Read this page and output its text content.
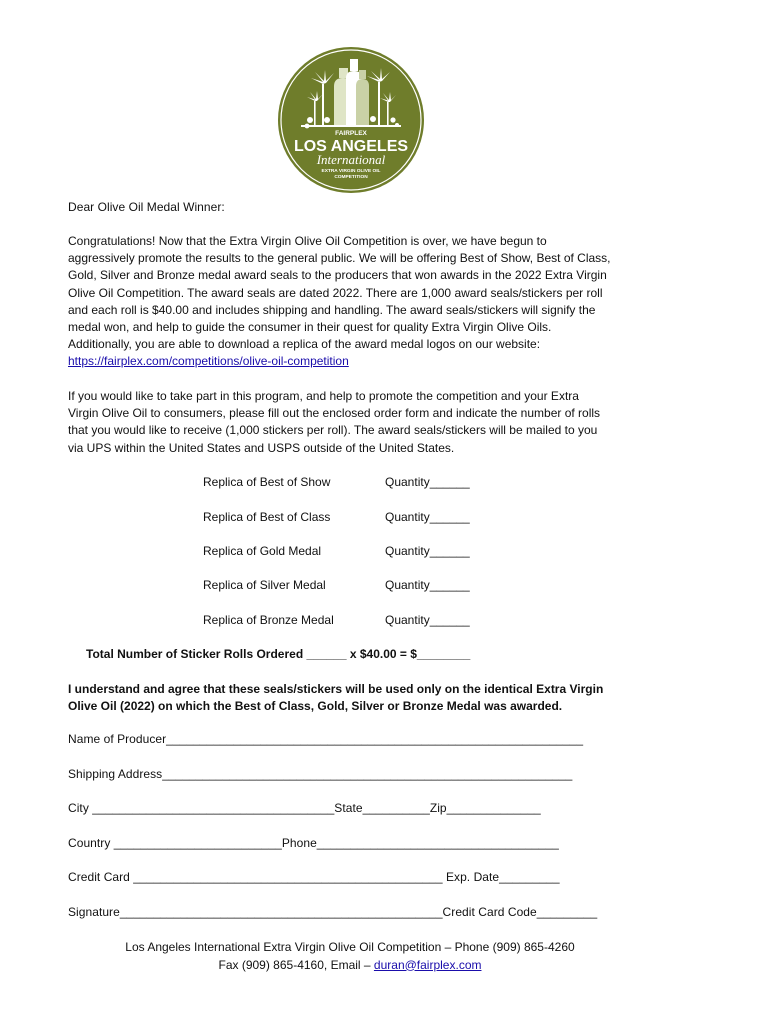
FAIRPLEX
LOS ANGELES
International
EXTRA VIRGIN OLIVE OIL
COMPETITION
Dear Olive Oil Medal Winner:
Congratulations! Now that the Extra Virgin Olive Oil Competition is over, we have begun to
aggressively promote the results to the general public. We will be offering Best of Show, Best of Class,
Gold, Silver and Bronze medal award seals to the producers that won awards in the 2022 Extra Virgin
Olive Oil Competition. The award seals are dated 2022. There are 1,000 award seals/stickers per roll
and each roll is $40.00 and includes shipping and handling. The award seals/stickers will signify the
medal won, and help to guide the consumer in their quest for quality Extra Virgin Olive Oils.
Additionally, you are able to download a replica of the award medal logos on our website:
https://fairplex.com/competitions/olive-oil-competition
If you would like to take part in this program, and help to promote the competition and your Extra
Virgin Olive Oil to consumers, please fill out the enclosed order form and indicate the number of rolls
that you would like to receive (1,000 stickers per roll). The award seals/stickers will be mailed to you
via UPS within the United States and USPS outside of the United States.
Replica of Best of Show	Quantity______
Replica of Best of Class	Quantity______
Replica of Gold Medal	Quantity______
Replica of Silver Medal	Quantity______
Replica of Bronze Medal	Quantity______
Total Number of Sticker Rolls Ordered ______ x $40.00 = $________
I understand and agree that these seals/stickers will be used only on the identical Extra Virgin
Olive Oil (2022) on which the Best of Class, Gold, Silver or Bronze Medal was awarded.
Name of Producer______________________________________________________________
Shipping Address_____________________________________________________________
City ____________________________________State__________Zip______________
Country _________________________Phone____________________________________
Credit Card ______________________________________________ Exp. Date_________
Signature________________________________________________Credit Card Code_________
Los Angeles International Extra Virgin Olive Oil Competition – Phone (909) 865-4260
Fax (909) 865-4160, Email – duran@fairplex.com
